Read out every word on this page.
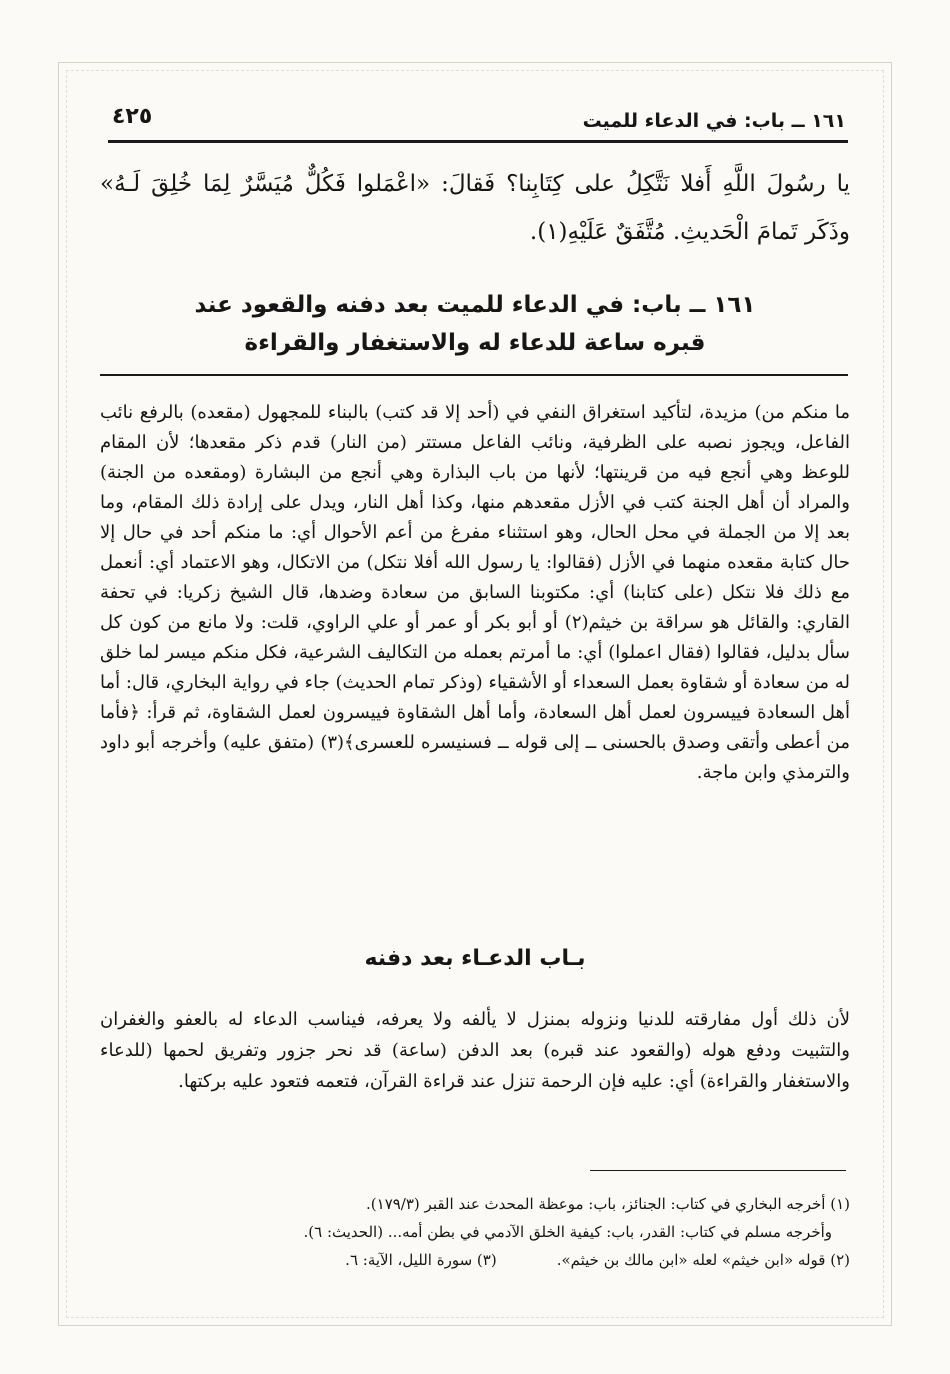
١٦١ ــ باب: في الدعاء للميت
٤٢٥

يا رسُولَ اللَّهِ أَفلا نَتَّكِلُ على كِتَابِنا؟ فَقالَ: «اعْمَلوا فَكُلٌّ مُيَسَّرٌ لِمَا خُلِقَ لَـهُ» وذَكَر تَمامَ الْحَديثِ. مُتَّفَقٌ عَلَيْهِ(١).

١٦١ ــ باب: في الدعاء للميت بعد دفنه والقعود عند
قبره ساعة للدعاء له والاستغفار والقراءة

ما منكم من) مزيدة، لتأكيد استغراق النفي في (أحد إلا قد كتب) بالبناء للمجهول (مقعده) بالرفع نائب الفاعل، ويجوز نصبه على الظرفية، ونائب الفاعل مستتر (من النار) قدم ذكر مقعدها؛ لأن المقام للوعظ وهي أنجع فيه من قرينتها؛ لأنها من باب البذارة وهي أنجع من البشارة (ومقعده من الجنة) والمراد أن أهل الجنة كتب في الأزل مقعدهم منها، وكذا أهل النار، ويدل على إرادة ذلك المقام، وما بعد إلا من الجملة في محل الحال، وهو استثناء مفرغ من أعم الأحوال أي: ما منكم أحد في حال إلا حال كتابة مقعده منهما في الأزل (فقالوا: يا رسول الله أفلا نتكل) من الاتكال، وهو الاعتماد أي: أنعمل مع ذلك فلا نتكل (على كتابنا) أي: مكتوبنا السابق من سعادة وضدها، قال الشيخ زكريا: في تحفة القاري: والقائل هو سراقة بن خيثم(٢) أو أبو بكر أو عمر أو علي الراوي، قلت: ولا مانع من كون كل سأل بدليل، فقالوا (فقال اعملوا) أي: ما أمرتم بعمله من التكاليف الشرعية، فكل منكم ميسر لما خلق له من سعادة أو شقاوة بعمل السعداء أو الأشقياء (وذكر تمام الحديث) جاء في رواية البخاري، قال: أما أهل السعادة فييسرون لعمل أهل السعادة، وأما أهل الشقاوة فييسرون لعمل الشقاوة، ثم قرأ: ﴿فأما من أعطى وأتقى وصدق بالحسنى ــ إلى قوله ــ فسنيسره للعسرى﴾(٣) (متفق عليه) وأخرجه أبو داود والترمذي وابن ماجة.

بـاب الدعـاء بعد دفنه

لأن ذلك أول مفارقته للدنيا ونزوله بمنزل لا يألفه ولا يعرفه، فيناسب الدعاء له بالعفو والغفران والتثبيت ودفع هوله (والقعود عند قبره) بعد الدفن (ساعة) قد نحر جزور وتفريق لحمها (للدعاء والاستغفار والقراءة) أي: عليه فإن الرحمة تنزل عند قراءة القرآن، فتعمه فتعود عليه بركتها.

(١) أخرجه البخاري في كتاب: الجنائز، باب: موعظة المحدث عند القبر (١٧٩/٣).

وأخرجه مسلم في كتاب: القدر، باب: كيفية الخلق الآدمي في بطن أمه... (الحديث: ٦).

(٢) قوله «ابن خيثم» لعله «ابن مالك بن خيثم».(٣) سورة الليل، الآية: ٦.
